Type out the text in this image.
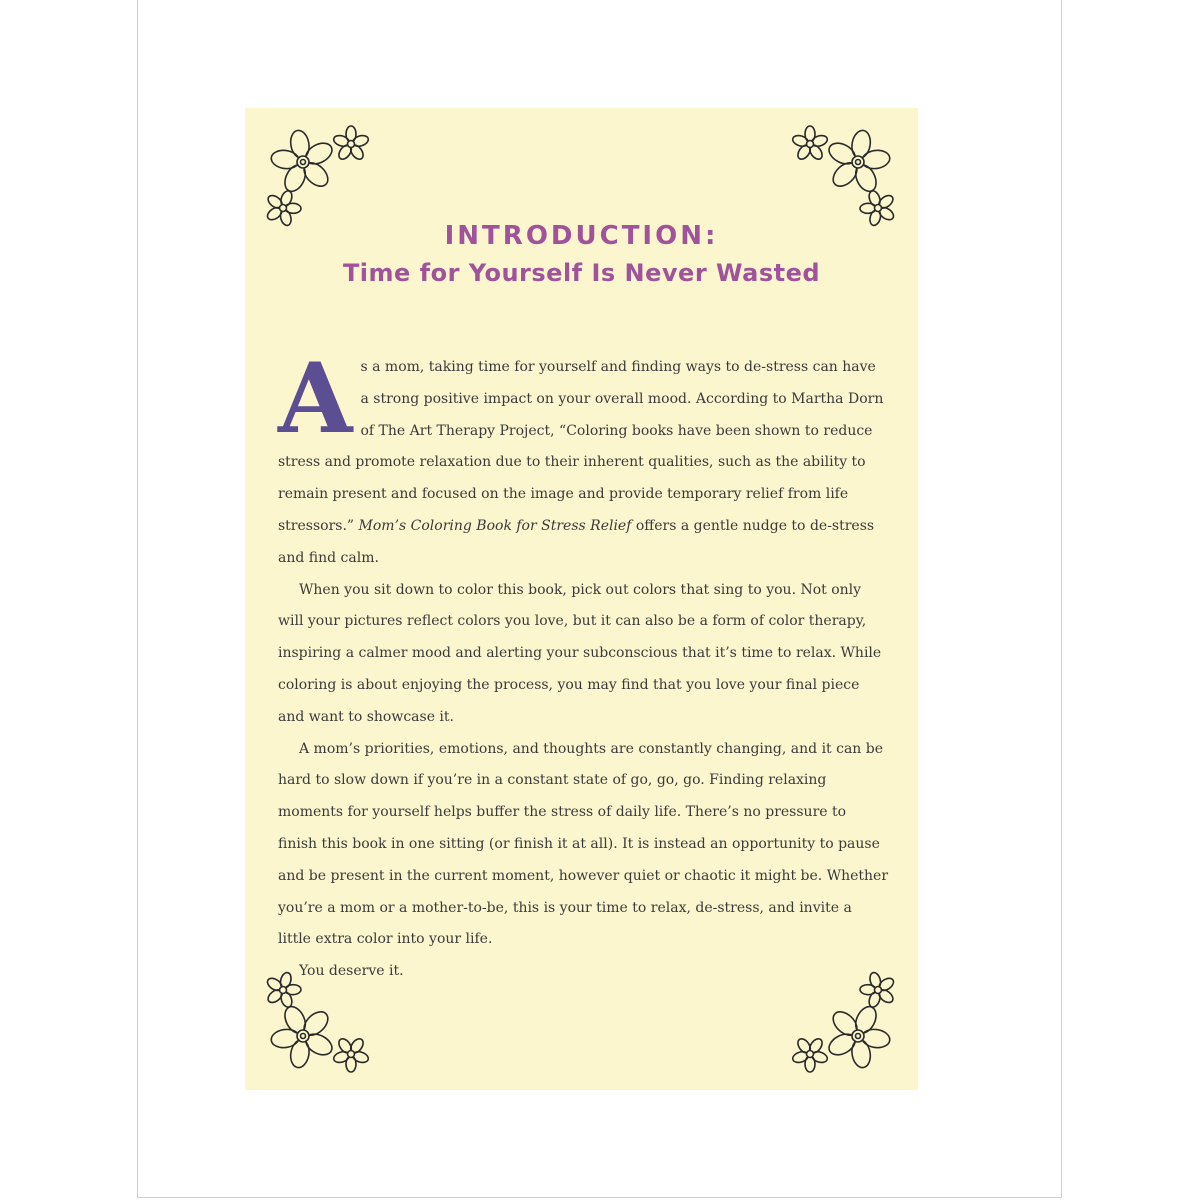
INTRODUCTION:
Time for Yourself Is Never Wasted

As a mom, taking time for yourself and finding ways to de-stress can have a strong positive impact on your overall mood. According to Martha Dorn of The Art Therapy Project, “Coloring books have been shown to reduce stress and promote relaxation due to their inherent qualities, such as the ability to remain present and focused on the image and provide temporary relief from life stressors.” Mom’s Coloring Book for Stress Relief offers a gentle nudge to de-stress and find calm.

When you sit down to color this book, pick out colors that sing to you. Not only will your pictures reflect colors you love, but it can also be a form of color therapy, inspiring a calmer mood and alerting your subconscious that it’s time to relax. While coloring is about enjoying the process, you may find that you love your final piece and want to showcase it.

A mom’s priorities, emotions, and thoughts are constantly changing, and it can be hard to slow down if you’re in a constant state of go, go, go. Finding relaxing moments for yourself helps buffer the stress of daily life. There’s no pressure to finish this book in one sitting (or finish it at all). It is instead an opportunity to pause and be present in the current moment, however quiet or chaotic it might be. Whether you’re a mom or a mother-to-be, this is your time to relax, de-stress, and invite a little extra color into your life.

You deserve it.
